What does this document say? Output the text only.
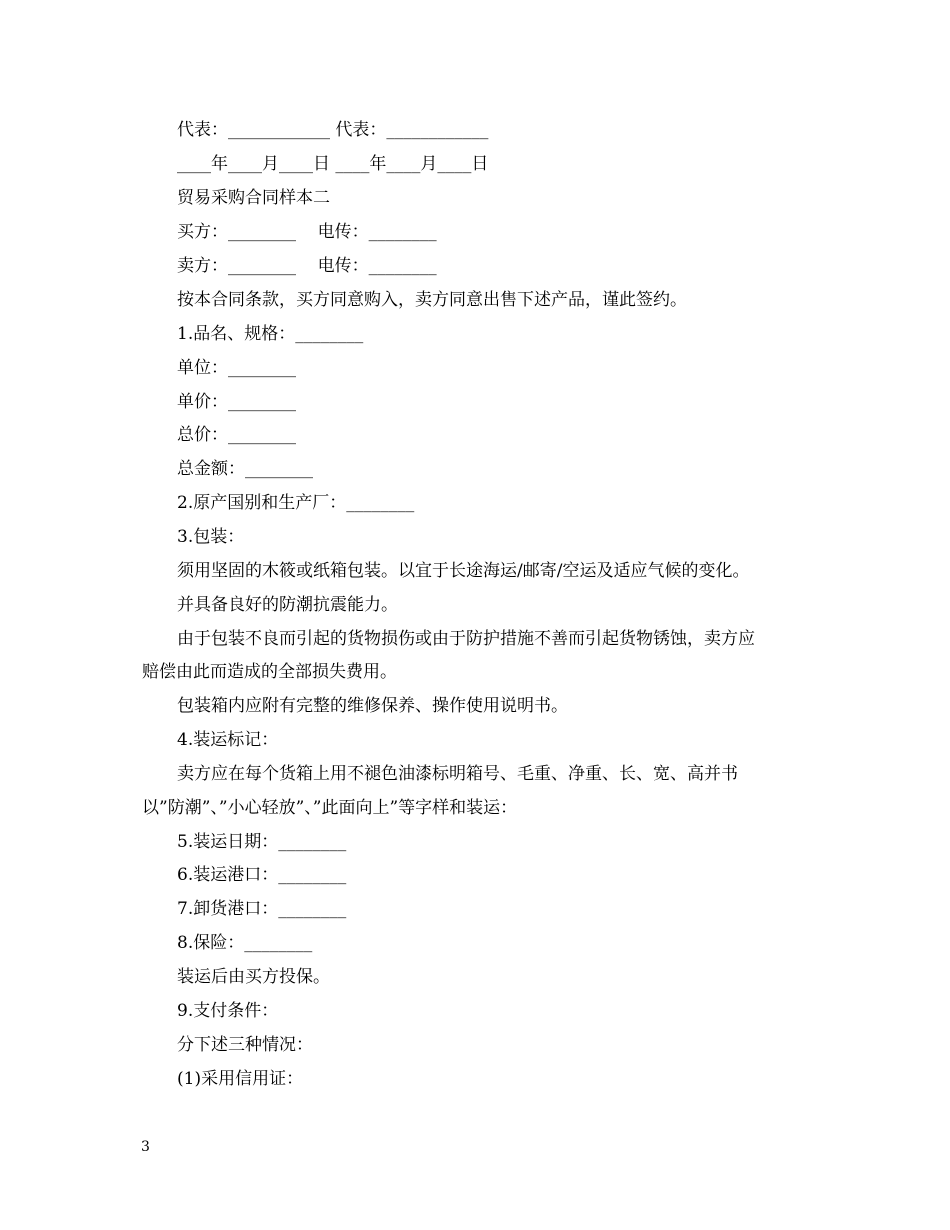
代表：____________ 代表：____________
____年____月____日 ____年____月____日
贸易采购合同样本二
买方：________    电传：________
卖方：________    电传：________
按本合同条款，买方同意购入，卖方同意出售下述产品，谨此签约。
1.品名、规格：________
单位：________
单价：________
总价：________
总金额：________
2.原产国别和生产厂：________
3.包装：
须用坚固的木筱或纸箱包装。以宜于长途海运/邮寄/空运及适应气候的变化。
并具备良好的防潮抗震能力。
由于包装不良而引起的货物损伤或由于防护措施不善而引起货物锈蚀，卖方应
赔偿由此而造成的全部损失费用。
包装箱内应附有完整的维修保养、操作使用说明书。
4.装运标记：
卖方应在每个货箱上用不褪色油漆标明箱号、毛重、净重、长、宽、高并书
以”防潮”、”小心轻放”、”此面向上”等字样和装运：
5.装运日期：________
6.装运港口：________
7.卸货港口：________
8.保险：________
装运后由买方投保。
9.支付条件：
分下述三种情况：
(1)采用信用证：
3
